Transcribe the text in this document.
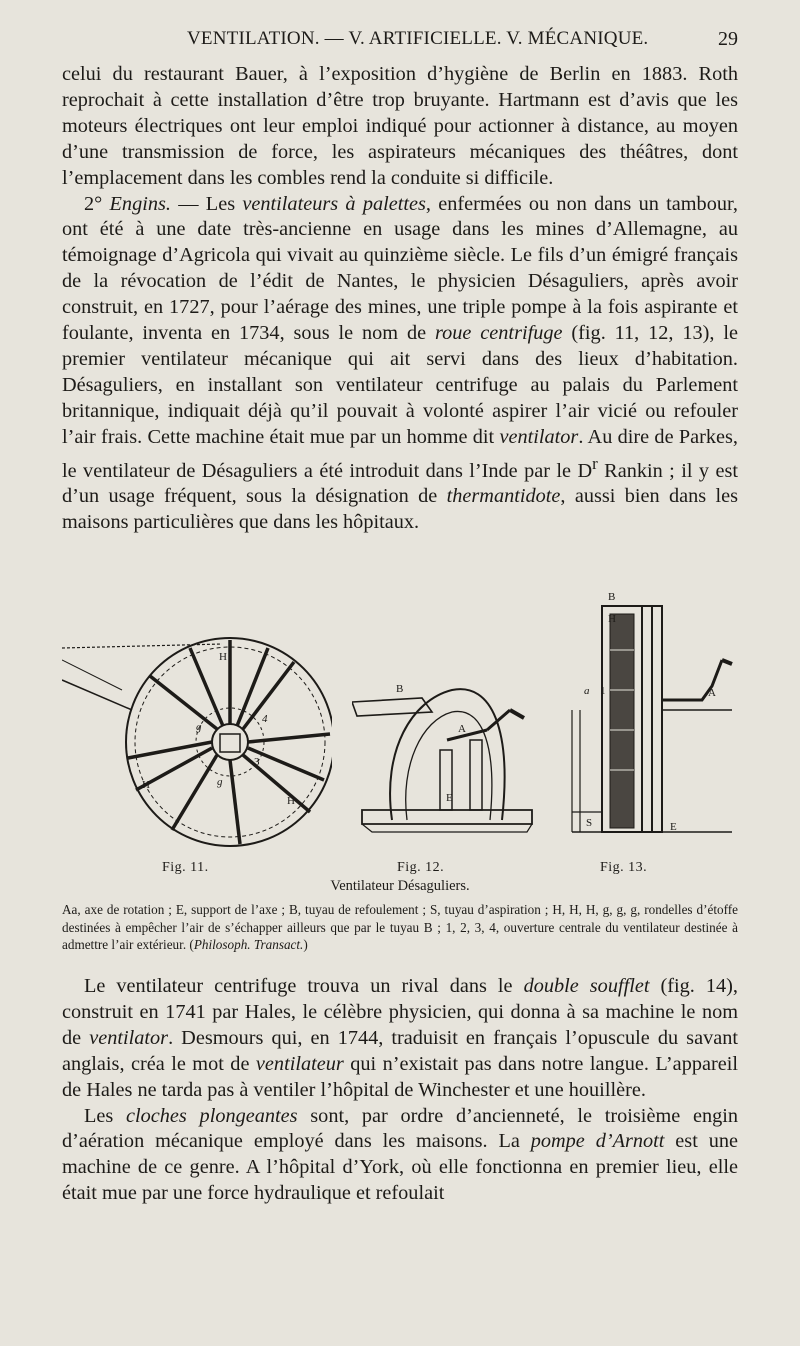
VENTILATION. — V. ARTIFICIELLE. V. MÉCANIQUE.	29

celui du restaurant Bauer, à l’exposition d’hygiène de Berlin en 1883. Roth reprochait à cette installation d’être trop bruyante. Hartmann est d’avis que les moteurs électriques ont leur emploi indiqué pour actionner à distance, au moyen d’une transmission de force, les aspirateurs mécaniques des théâtres, dont l’emplacement dans les combles rend la conduite si difficile.

2° Engins. — Les ventilateurs à palettes, enfermées ou non dans un tambour, ont été à une date très-ancienne en usage dans les mines d’Allemagne, au témoignage d’Agricola qui vivait au quinzième siècle. Le fils d’un émigré français de la révocation de l’édit de Nantes, le physicien Désaguliers, après avoir construit, en 1727, pour l’aérage des mines, une triple pompe à la fois aspirante et foulante, inventa en 1734, sous le nom de roue centrifuge (fig. 11, 12, 13), le premier ventilateur mécanique qui ait servi dans des lieux d’habitation. Désaguliers, en installant son ventilateur centrifuge au palais du Parlement britannique, indiquait déjà qu’il pouvait à volonté aspirer l’air vicié ou refouler l’air frais. Cette machine était mue par un homme dit ventilator. Au dire de Parkes, le ventilateur de Désaguliers a été introduit dans l’Inde par le $D^r$ Rankin ; il y est d’un usage fréquent, sous la désignation de thermantidote, aussi bien dans les maisons particulières que dans les hôpitaux.

H
g
4
H
H
g
3
B
A
E
B
H
a 1	A
S	E
Fig. 11.	Fig. 12.	Fig. 13.
Ventilateur Désaguliers.

Aa, axe de rotation ; E, support de l’axe ; B, tuyau de refoulement ; S, tuyau d’aspiration ; H, H, H, g, g, g, rondelles d’étoffe destinées à empêcher l’air de s’échapper ailleurs que par le tuyau B ; 1, 2, 3, 4, ouverture centrale du ventilateur destinée à admettre l’air extérieur. (Philosoph. Transact.)

Le ventilateur centrifuge trouva un rival dans le double soufflet (fig. 14), construit en 1741 par Hales, le célèbre physicien, qui donna à sa machine le nom de ventilator. Desmours qui, en 1744, traduisit en français l’opuscule du savant anglais, créa le mot de ventilateur qui n’existait pas dans notre langue. L’appareil de Hales ne tarda pas à ventiler l’hôpital de Winchester et une houillère.

Les cloches plongeantes sont, par ordre d’ancienneté, le troisième engin d’aération mécanique employé dans les maisons. La pompe d’Arnott est une machine de ce genre. A l’hôpital d’York, où elle fonctionna en premier lieu, elle était mue par une force hydraulique et refoulait
